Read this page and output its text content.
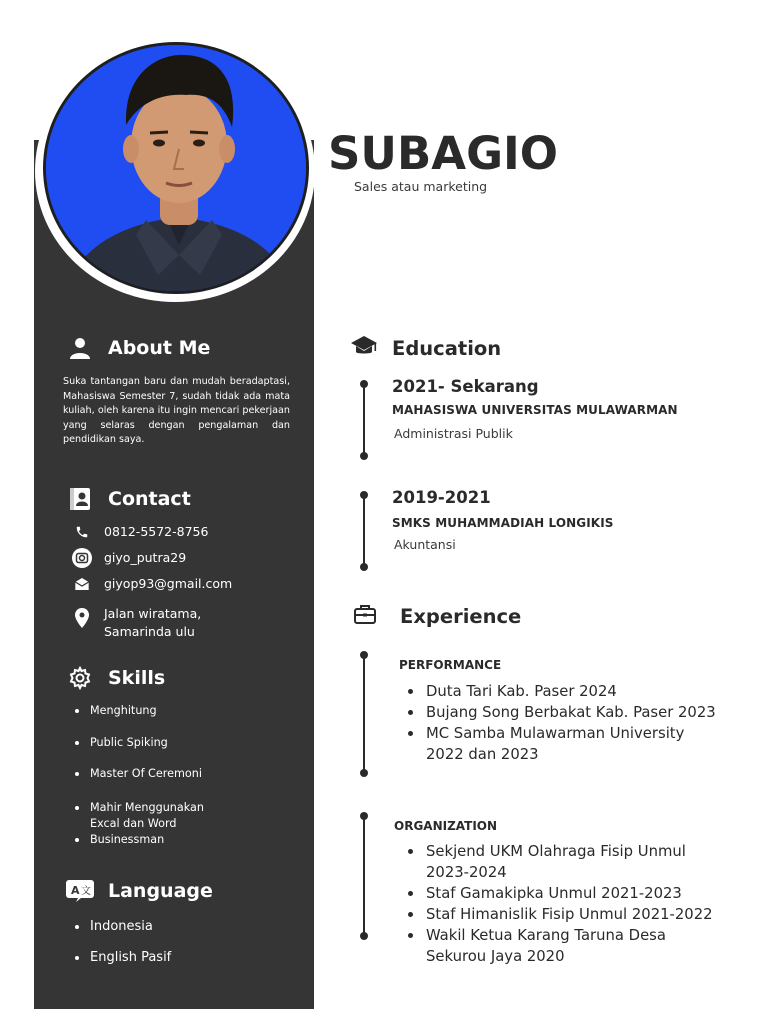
SUBAGIO
Sales atau marketing
About Me

Suka tantangan baru dan mudah beradaptasi, Mahasiswa Semester 7, sudah tidak ada mata kuliah, oleh karena itu ingin mencari pekerjaan yang selaras dengan pengalaman dan pendidikan saya.

Contact
0812-5572-8756
giyo_putra29
giyop93@gmail.com
Jalan wiratama,
Samarinda ulu
Skills
Menghitung
Public Spiking
Master Of Ceremoni
Mahir Menggunakan
Excal dan Word
Businessman
A 文 Language
Indonesia
English Pasif
Education
2021- Sekarang
MAHASISWA UNIVERSITAS MULAWARMAN
Administrasi Publik
2019-2021
SMKS MUHAMMADIAH LONGIKIS
Akuntansi
Experience
PERFORMANCE
Duta Tari Kab. Paser 2024
Bujang Song Berbakat Kab. Paser 2023
MC Samba Mulawarman University
2022 dan 2023
ORGANIZATION
Sekjend UKM Olahraga Fisip Unmul
2023-2024
Staf Gamakipka Unmul 2021-2023
Staf Himanislik Fisip Unmul 2021-2022
Wakil Ketua Karang Taruna Desa
Sekurou Jaya 2020
